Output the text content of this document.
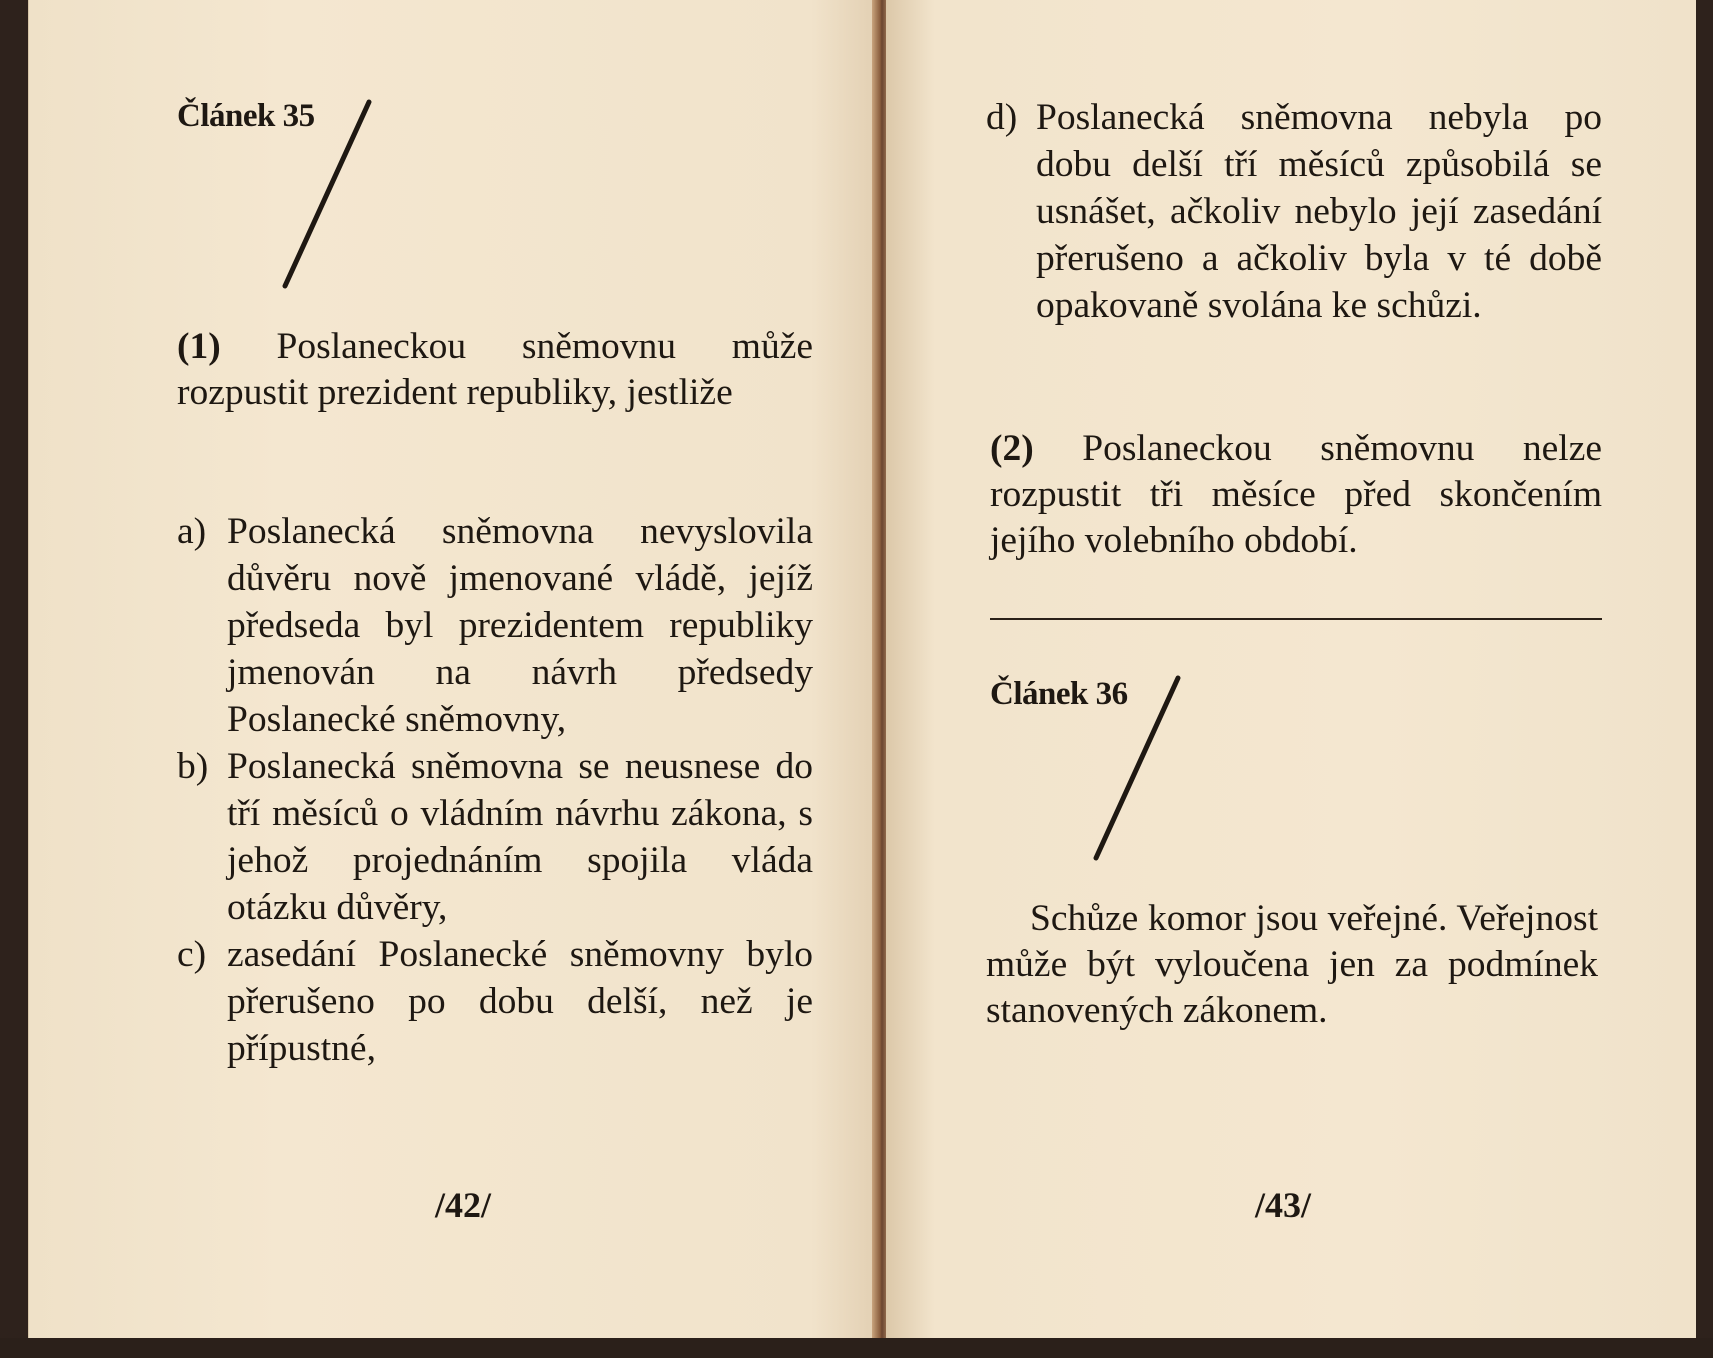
Článek 35

(1) Poslaneckou sněmovnu může rozpustit prezident republiky, jestliže

a) Poslanecká sněmovna nevyslovila důvěru nově jmenované vládě, jejíž předseda byl prezidentem republiky jmenován na návrh předsedy Poslanecké sněmovny,
b) Poslanecká sněmovna se neusnese do tří měsíců o vládním návrhu zákona, s jehož projednáním spojila vláda otázku důvěry,
c) zasedání Poslanecké sněmovny bylo přerušeno po dobu delší, než je přípustné,
/42/
d) Poslanecká sněmovna nebyla po dobu delší tří měsíců způsobilá se usnášet, ačkoliv nebylo její zasedání přerušeno a ačkoliv byla v té době opakovaně svolána ke schůzi.

(2) Poslaneckou sněmovnu nelze rozpustit tři měsíce před skončením jejího volebního období.

Článek 36

Schůze komor jsou veřejné. Veřejnost může být vyloučena jen za podmínek stanovených zákonem.

/43/
